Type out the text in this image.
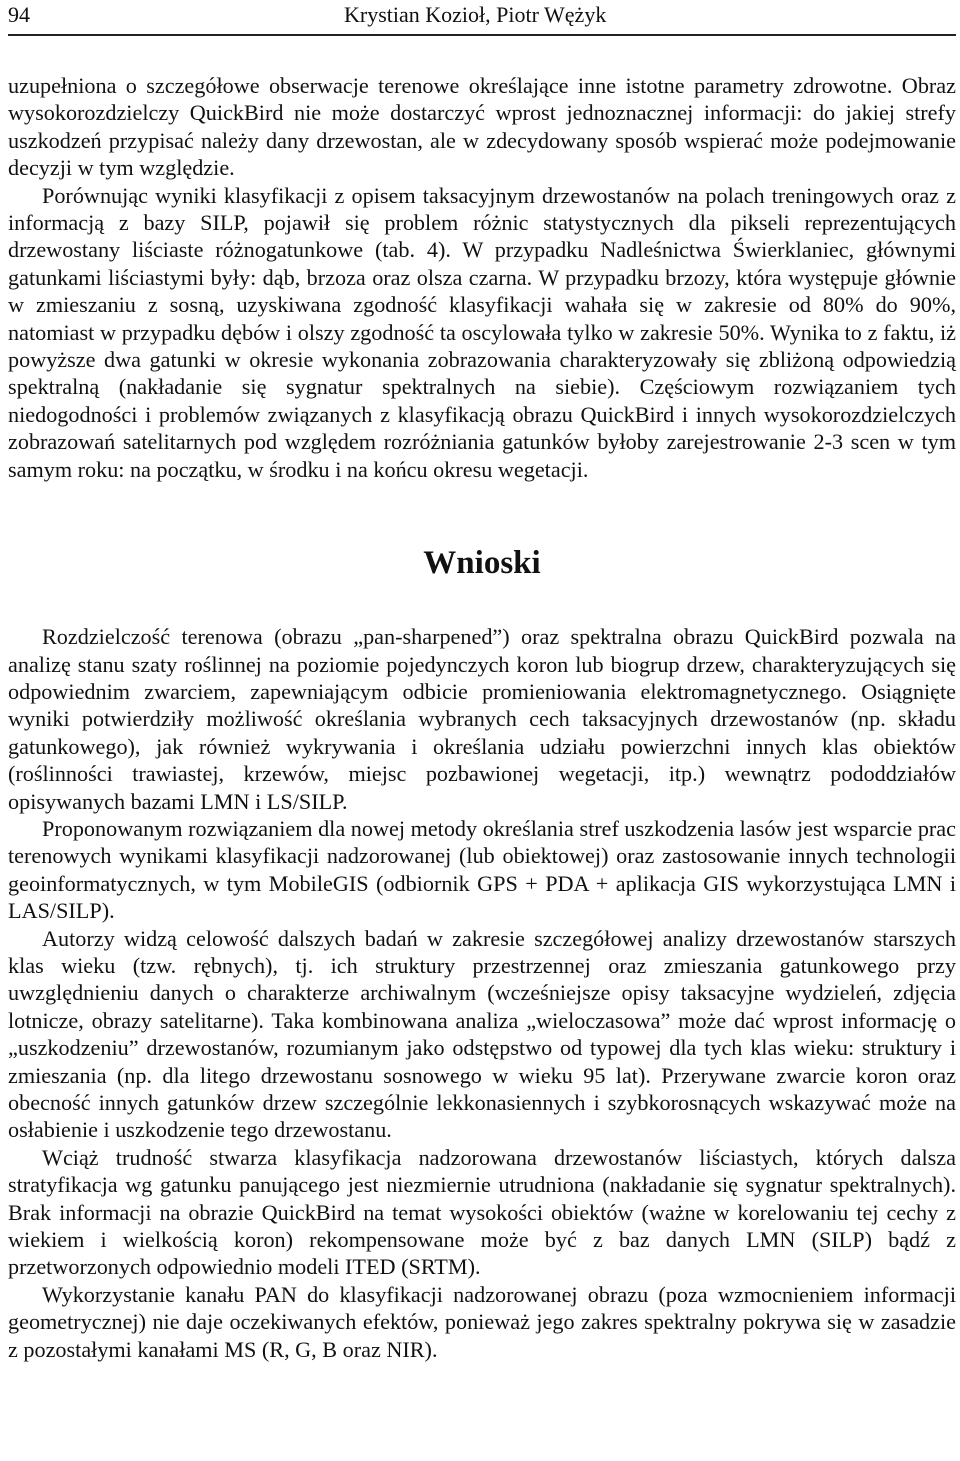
94	Krystian Kozioł, Piotr Wężyk

uzupełniona o szczegółowe obserwacje terenowe określające inne istotne parametry zdrowotne. Obraz wysokorozdzielczy QuickBird nie może dostarczyć wprost jednoznacznej informacji: do jakiej strefy uszkodzeń przypisać należy dany drzewostan, ale w zdecydowany sposób wspierać może podejmowanie decyzji w tym względzie.

Porównując wyniki klasyfikacji z opisem taksacyjnym drzewostanów na polach treningowych oraz z informacją z bazy SILP, pojawił się problem różnic statystycznych dla pikseli reprezentujących drzewostany liściaste różnogatunkowe (tab. 4). W przypadku Nadleśnictwa Świerklaniec, głównymi gatunkami liściastymi były: dąb, brzoza oraz olsza czarna. W przypadku brzozy, która występuje głównie w zmieszaniu z sosną, uzyskiwana zgodność klasyfikacji wahała się w zakresie od 80% do 90%, natomiast w przypadku dębów i olszy zgodność ta oscylowała tylko w zakresie 50%. Wynika to z faktu, iż powyższe dwa gatunki w okresie wykonania zobrazowania charakteryzowały się zbliżoną odpowiedzią spektralną (nakładanie się sygnatur spektralnych na siebie). Częściowym rozwiązaniem tych niedogodności i problemów związanych z klasyfikacją obrazu QuickBird i innych wysokorozdzielczych zobrazowań satelitarnych pod względem rozróżniania gatunków byłoby zarejestrowanie 2-3 scen w tym samym roku: na początku, w środku i na końcu okresu wegetacji.

Wnioski

Rozdzielczość terenowa (obrazu „pan-sharpened”) oraz spektralna obrazu QuickBird pozwala na analizę stanu szaty roślinnej na poziomie pojedynczych koron lub biogrup drzew, charakteryzujących się odpowiednim zwarciem, zapewniającym odbicie promieniowania elektromagnetycznego. Osiągnięte wyniki potwierdziły możliwość określania wybranych cech taksacyjnych drzewostanów (np. składu gatunkowego), jak również wykrywania i określania udziału powierzchni innych klas obiektów (roślinności trawiastej, krzewów, miejsc pozbawionej wegetacji, itp.) wewnątrz pododdziałów opisywanych bazami LMN i LS/SILP.

Proponowanym rozwiązaniem dla nowej metody określania stref uszkodzenia lasów jest wsparcie prac terenowych wynikami klasyfikacji nadzorowanej (lub obiektowej) oraz zastosowanie innych technologii geoinformatycznych, w tym MobileGIS (odbiornik GPS + PDA + aplikacja GIS wykorzystująca LMN i LAS/SILP).

Autorzy widzą celowość dalszych badań w zakresie szczegółowej analizy drzewostanów starszych klas wieku (tzw. rębnych), tj. ich struktury przestrzennej oraz zmieszania gatunkowego przy uwzględnieniu danych o charakterze archiwalnym (wcześniejsze opisy taksacyjne wydzieleń, zdjęcia lotnicze, obrazy satelitarne). Taka kombinowana analiza „wieloczasowa” może dać wprost informację o „uszkodzeniu” drzewostanów, rozumianym jako odstępstwo od typowej dla tych klas wieku: struktury i zmieszania (np. dla litego drzewostanu sosnowego w wieku 95 lat). Przerywane zwarcie koron oraz obecność innych gatunków drzew szczególnie lekkonasiennych i szybkorosnących wskazywać może na osłabienie i uszkodzenie tego drzewostanu.

Wciąż trudność stwarza klasyfikacja nadzorowana drzewostanów liściastych, których dalsza stratyfikacja wg gatunku panującego jest niezmiernie utrudniona (nakładanie się sygnatur spektralnych). Brak informacji na obrazie QuickBird na temat wysokości obiektów (ważne w korelowaniu tej cechy z wiekiem i wielkością koron) rekompensowane może być z baz danych LMN (SILP) bądź z przetworzonych odpowiednio modeli ITED (SRTM).

Wykorzystanie kanału PAN do klasyfikacji nadzorowanej obrazu (poza wzmocnieniem informacji geometrycznej) nie daje oczekiwanych efektów, ponieważ jego zakres spektralny pokrywa się w zasadzie z pozostałymi kanałami MS (R, G, B oraz NIR).
